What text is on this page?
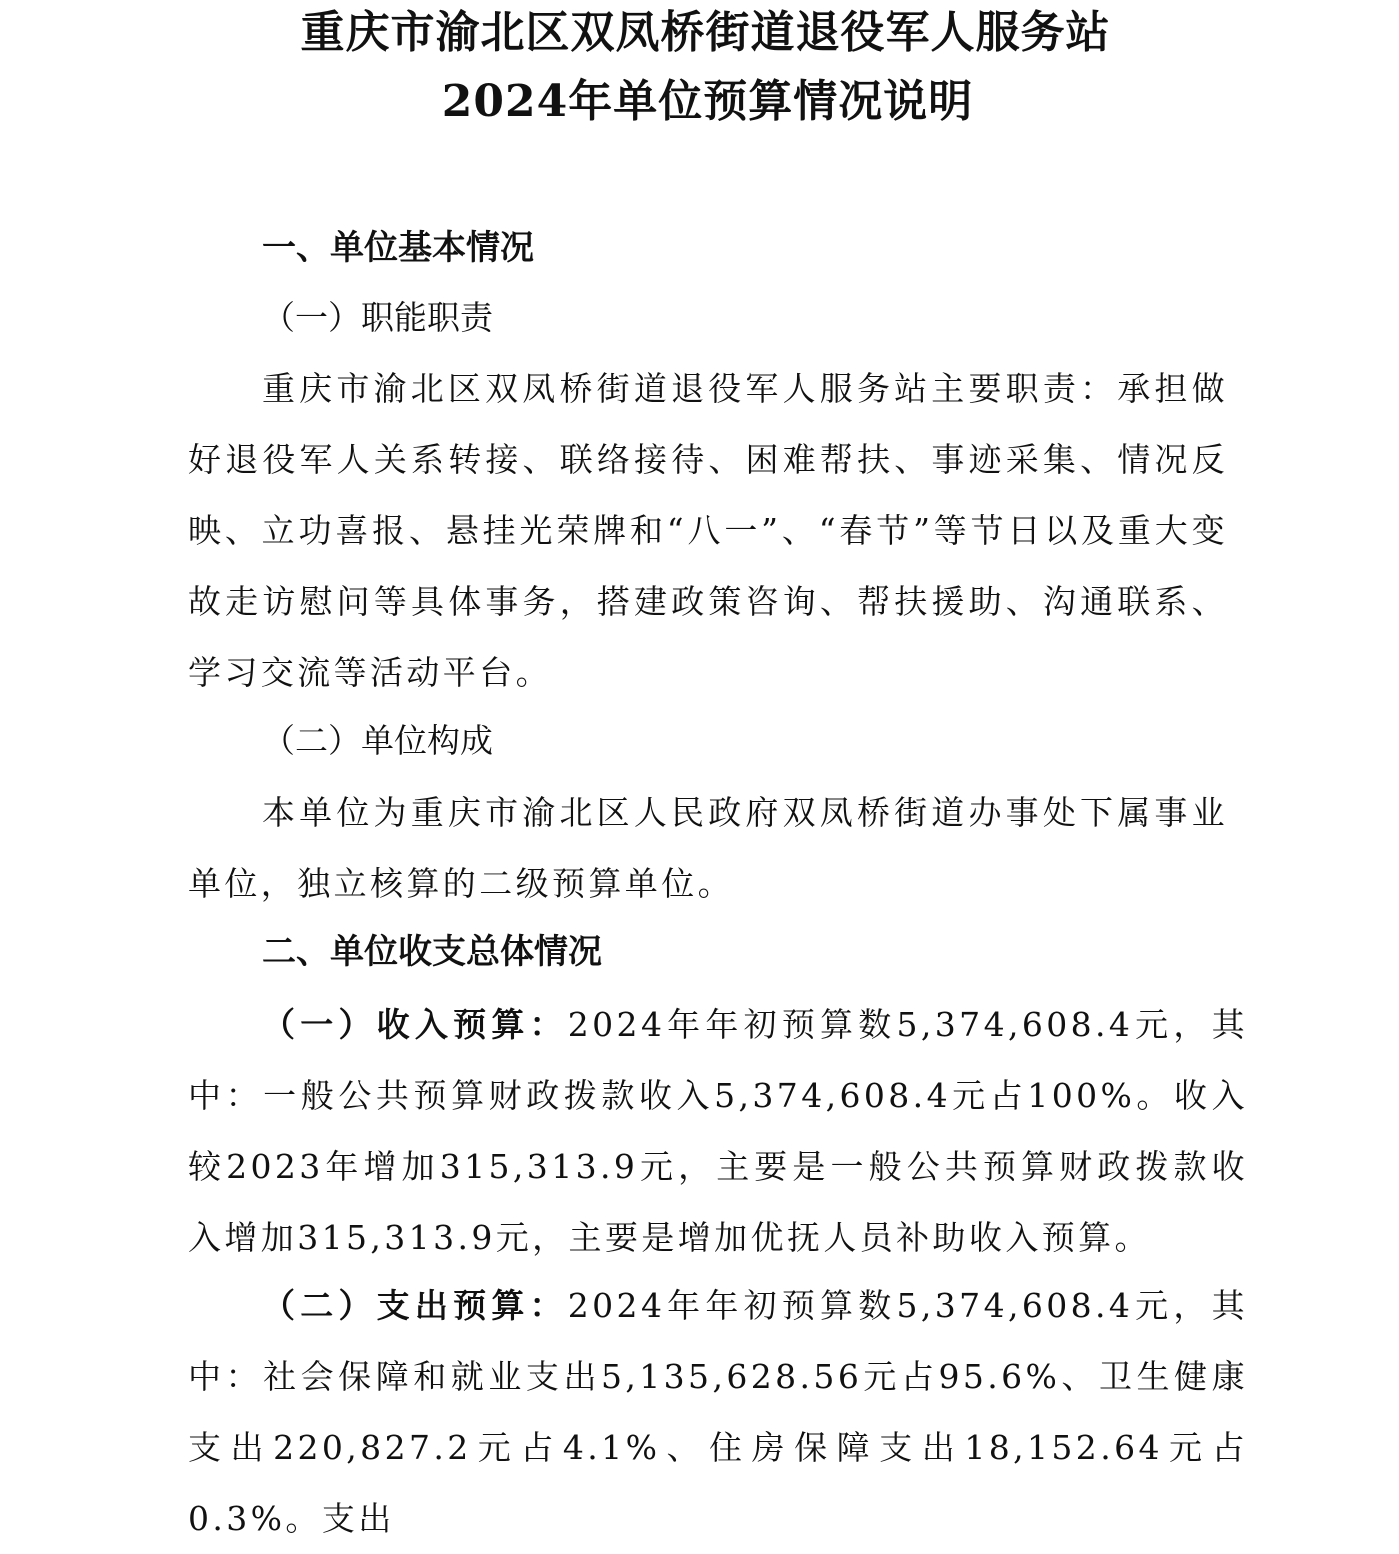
重庆市渝北区双凤桥街道退役军人服务站
2024年单位预算情况说明
一、单位基本情况
（一）职能职责

重庆市渝北区双凤桥街道退役军人服务站主要职责：承担做好退役军人关系转接、联络接待、困难帮扶、事迹采集、情况反映、立功喜报、悬挂光荣牌和“八一”、“春节”等节日以及重大变故走访慰问等具体事务，搭建政策咨询、帮扶援助、沟通联系、学习交流等活动平台。

（二）单位构成

本单位为重庆市渝北区人民政府双凤桥街道办事处下属事业单位，独立核算的二级预算单位。

二、单位收支总体情况

（一）收入预算：2024年年初预算数5,374,608.4元，其中：一般公共预算财政拨款收入5,374,608.4元占100%。收入较2023年增加315,313.9元，主要是一般公共预算财政拨款收入增加315,313.9元，主要是增加优抚人员补助收入预算。

（二）支出预算：2024年年初预算数5,374,608.4元，其中：社会保障和就业支出5,135,628.56元占95.6%、卫生健康支出220,827.2元占4.1%、住房保障支出18,152.64元占0.3%。支出
